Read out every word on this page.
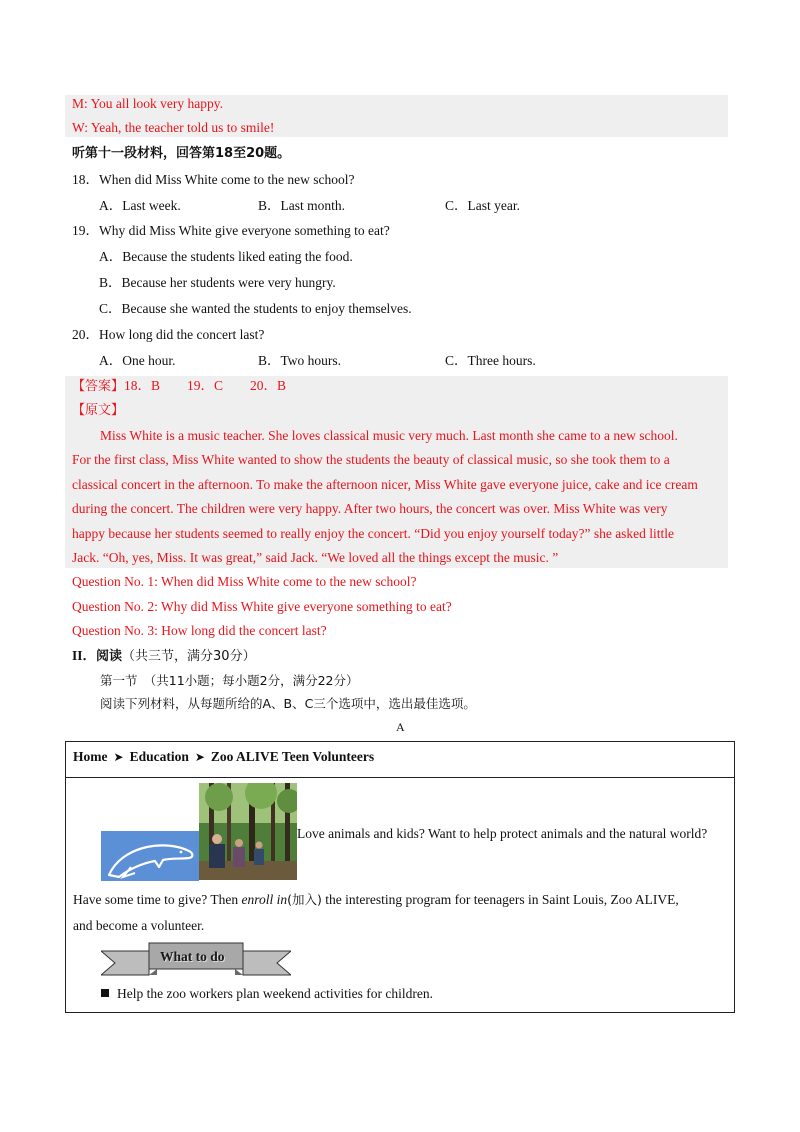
M: You all look very happy.
W: Yeah, the teacher told us to smile!
听第十一段材料，回答第18至20题。
18．When did Miss White come to the new school?
A．Last week.	B．Last month.	C．Last year.
19．Why did Miss White give everyone something to eat?
A．Because the students liked eating the food.
B．Because her students were very hungry.
C．Because she wanted the students to enjoy themselves.
20．How long did the concert last?
A．One hour.	B．Two hours.	C．Three hours.
【答案】18．B　　19．C　　20．B
【原文】
Miss White is a music teacher. She loves classical music very much. Last month she came to a new school.
For the first class, Miss White wanted to show the students the beauty of classical music, so she took them to a
classical concert in the afternoon. To make the afternoon nicer, Miss White gave everyone juice, cake and ice cream
during the concert. The children were very happy. After two hours, the concert was over. Miss White was very
happy because her students seemed to really enjoy the concert. “Did you enjoy yourself today?” she asked little
Jack. “Oh, yes, Miss. It was great,” said Jack. “We loved all the things except the music. ”
Question No. 1: When did Miss White come to the new school?
Question No. 2: Why did Miss White give everyone something to eat?
Question No. 3: How long did the concert last?
II．阅读（共三节，满分30分）
第一节　（共11小题；每小题2分，满分22分）
阅读下列材料，从每题所给的A、B、C三个选项中，选出最佳选项。
A
Home ➤ Education ➤ Zoo ALIVE Teen Volunteers
Love animals and kids? Want to help protect animals and the natural world?
Have some time to give? Then enroll in(加入) the interesting program for teenagers in Saint Louis, Zoo ALIVE,
and become a volunteer.
What to do
Help the zoo workers plan weekend activities for children.
